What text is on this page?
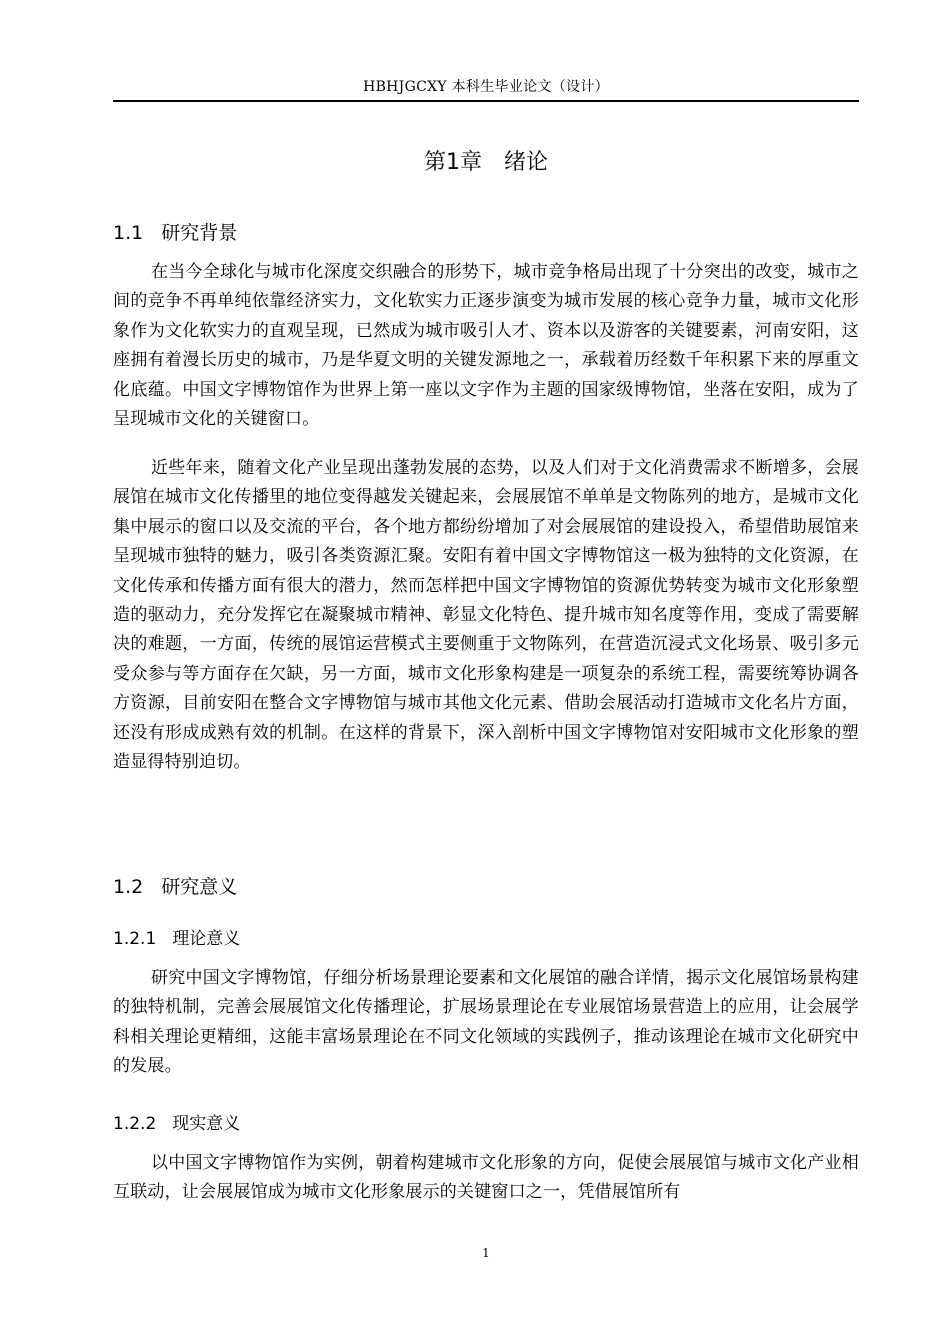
HBHJGCXY 本科生毕业论文（设计）
第1章　绪论
1.1 研究背景

在当今全球化与城市化深度交织融合的形势下，城市竞争格局出现了十分突出的改变，城市之间的竞争不再单纯依靠经济实力，文化软实力正逐步演变为城市发展的核心竞争力量，城市文化形象作为文化软实力的直观呈现，已然成为城市吸引人才、资本以及游客的关键要素，河南安阳，这座拥有着漫长历史的城市，乃是华夏文明的关键发源地之一，承载着历经数千年积累下来的厚重文化底蕴。中国文字博物馆作为世界上第一座以文字作为主题的国家级博物馆，坐落在安阳，成为了呈现城市文化的关键窗口。

近些年来，随着文化产业呈现出蓬勃发展的态势，以及人们对于文化消费需求不断增多，会展展馆在城市文化传播里的地位变得越发关键起来，会展展馆不单单是文物陈列的地方，是城市文化集中展示的窗口以及交流的平台，各个地方都纷纷增加了对会展展馆的建设投入，希望借助展馆来呈现城市独特的魅力，吸引各类资源汇聚。安阳有着中国文字博物馆这一极为独特的文化资源，在文化传承和传播方面有很大的潜力，然而怎样把中国文字博物馆的资源优势转变为城市文化形象塑造的驱动力，充分发挥它在凝聚城市精神、彰显文化特色、提升城市知名度等作用，变成了需要解决的难题，一方面，传统的展馆运营模式主要侧重于文物陈列，在营造沉浸式文化场景、吸引多元受众参与等方面存在欠缺，另一方面，城市文化形象构建是一项复杂的系统工程，需要统筹协调各方资源，目前安阳在整合文字博物馆与城市其他文化元素、借助会展活动打造城市文化名片方面，还没有形成成熟有效的机制。在这样的背景下，深入剖析中国文字博物馆对安阳城市文化形象的塑造显得特别迫切。

1.2 研究意义
1.2.1 理论意义

研究中国文字博物馆，仔细分析场景理论要素和文化展馆的融合详情，揭示文化展馆场景构建的独特机制，完善会展展馆文化传播理论，扩展场景理论在专业展馆场景营造上的应用，让会展学科相关理论更精细，这能丰富场景理论在不同文化领域的实践例子，推动该理论在城市文化研究中的发展。

1.2.2 现实意义

以中国文字博物馆作为实例，朝着构建城市文化形象的方向，促使会展展馆与城市文化产业相互联动，让会展展馆成为城市文化形象展示的关键窗口之一，凭借展馆所有

1
